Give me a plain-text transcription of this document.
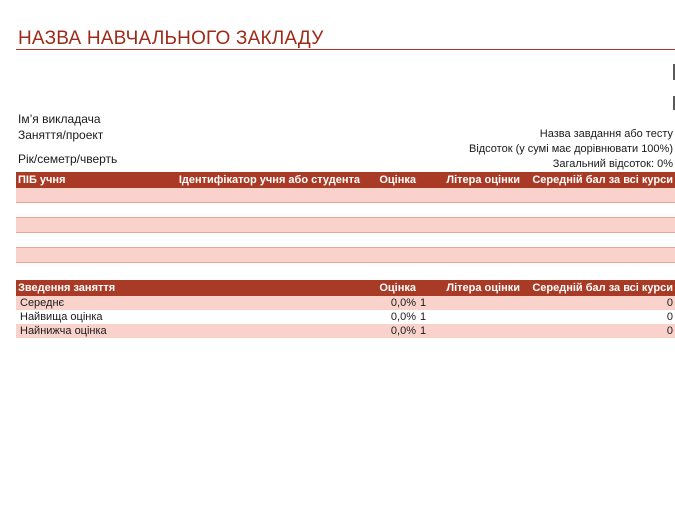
НАЗВА НАВЧАЛЬНОГО ЗАКЛАДУ
Ім’я викладача
Заняття/проект
Рік/семетр/чверть
Назва завдання або тесту
Відсоток (у сумі має дорівнювати 100%)
Загальний відсоток: 0%
ПІБ учня	Ідентифікатор учня або студента	Оцінка	Літера оцінки	Середній бал за всі курси

Зведення заняття		Оцінка	Літера оцінки	Середній бал за всі курси
Середнє		0,0%	1	0
Найвища оцінка		0,0%	1	0
Найнижча оцінка		0,0%	1	0
